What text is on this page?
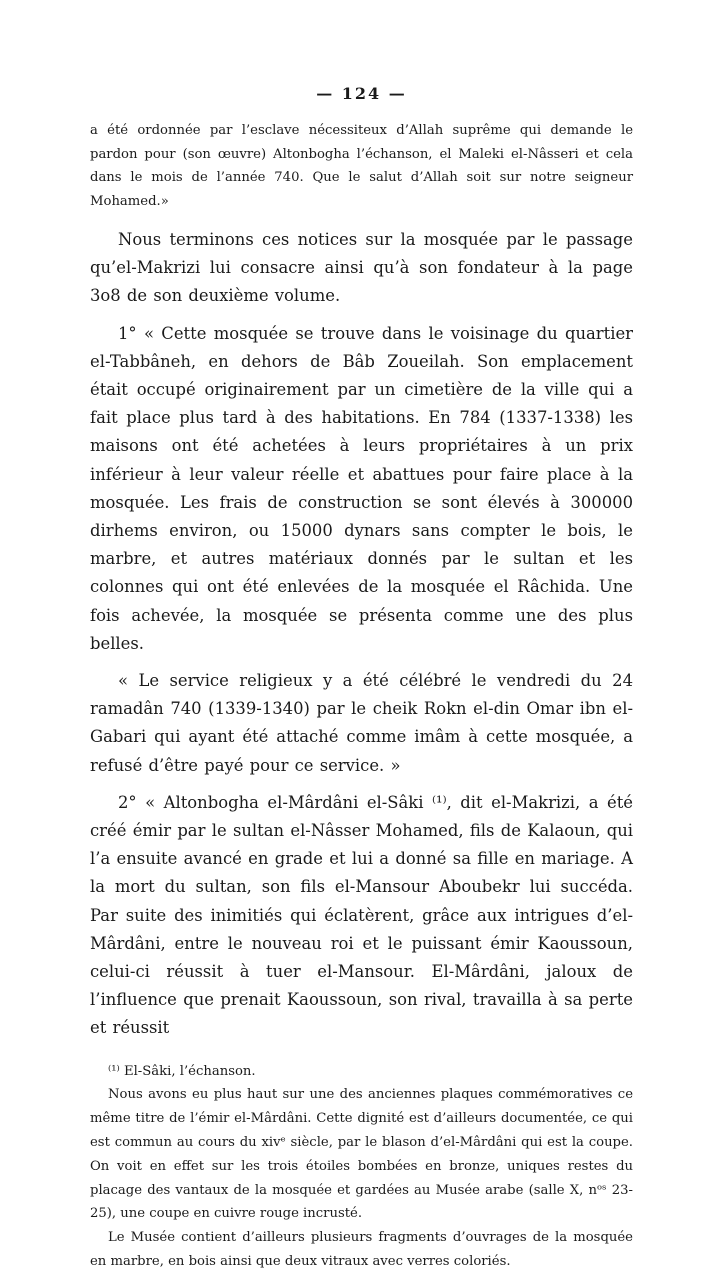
— 124 —

a été ordonnée par l’esclave nécessiteux d’Allah suprême qui demande le pardon pour (son œuvre) Altonbogha l’échanson, el Maleki el-Nâsseri et cela dans le mois de l’année 740. Que le salut d’Allah soit sur notre seigneur Mohamed.»

Nous terminons ces notices sur la mosquée par le passage qu’el-Makrizi lui consacre ainsi qu’à son fondateur à la page 3o8 de son deuxième volume.

1° « Cette mosquée se trouve dans le voisinage du quartier el-Tabbâneh, en dehors de Bâb Zoueilah. Son emplacement était occupé originairement par un cimetière de la ville qui a fait place plus tard à des habitations. En 784 (1337-1338) les maisons ont été achetées à leurs propriétaires à un prix inférieur à leur valeur réelle et abattues pour faire place à la mosquée. Les frais de construction se sont élevés à 300000 dirhems environ, ou 15000 dynars sans compter le bois, le marbre, et autres matériaux donnés par le sultan et les colonnes qui ont été enlevées de la mosquée el Râchida. Une fois achevée, la mosquée se présenta comme une des plus belles.

« Le service religieux y a été célébré le vendredi du 24 ramadân 740 (1339-1340) par le cheik Rokn el-din Omar ibn el-Gabari qui ayant été attaché comme imâm à cette mosquée, a refusé d’être payé pour ce service. »

2° « Altonbogha el-Mârdâni el-Sâki ⁽¹⁾, dit el-Makrizi, a été créé émir par le sultan el-Nâsser Mohamed, fils de Kalaoun, qui l’a ensuite avancé en grade et lui a donné sa fille en mariage. A la mort du sultan, son fils el-Mansour Aboubekr lui succéda. Par suite des inimitiés qui éclatèrent, grâce aux intrigues d’el-Mârdâni, entre le nouveau roi et le puissant émir Kaoussoun, celui-ci réussit à tuer el-Mansour. El-Mârdâni, jaloux de l’influence que prenait Kaoussoun, son rival, travailla à sa perte et réussit

⁽¹⁾ El-Sâki, l’échanson.

Nous avons eu plus haut sur une des anciennes plaques commémoratives ce même titre de l’émir el-Mârdâni. Cette dignité est d’ailleurs documentée, ce qui est commun au cours du xivᵉ siècle, par le blason d’el-Mârdâni qui est la coupe. On voit en effet sur les trois étoiles bombées en bronze, uniques restes du placage des vantaux de la mosquée et gardées au Musée arabe (salle X, nᵒˢ 23-25), une coupe en cuivre rouge incrusté.

Le Musée contient d’ailleurs plusieurs fragments d’ouvrages de la mosquée en marbre, en bois ainsi que deux vitraux avec verres coloriés.
